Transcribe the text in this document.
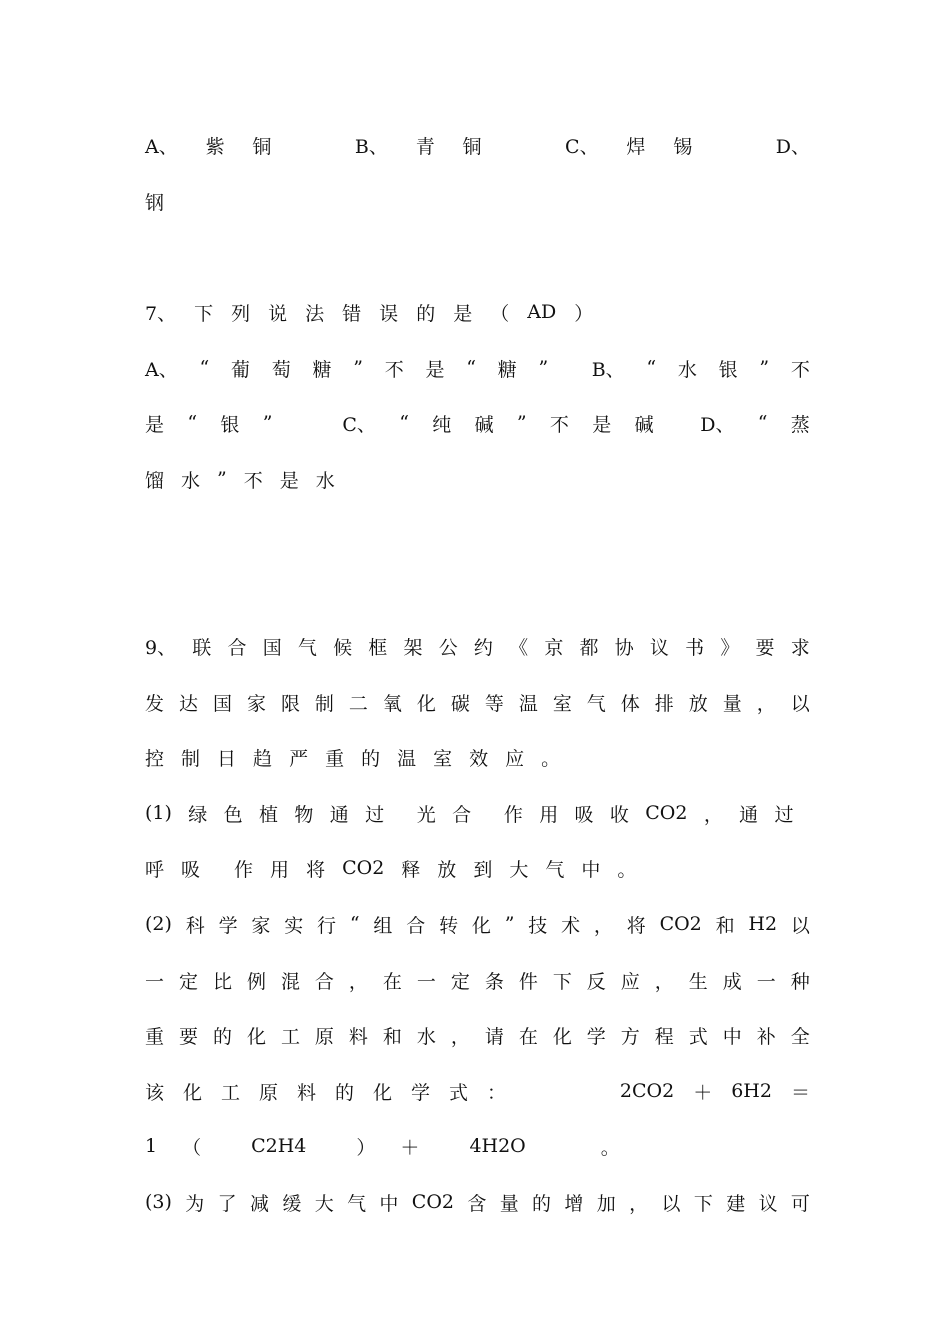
A、 紫 铜	B、 青 铜	C、 焊 锡	D、
钢
7、 下 列 说 法 错 误 的 是 （ AD ）
A、 “ 葡 萄 糖 ” 不 是 “ 糖 ” B、 “ 水 银 ” 不
是 “ 银 ”	C、 “ 纯 碱 ” 不 是 碱 D、 “ 蒸
馏 水 ” 不 是 水
9、 联 合 国 气 候 框 架 公 约 《 京 都 协 议 书 》 要 求
发 达 国 家 限 制 二 氧 化 碳 等 温 室 气 体 排 放 量 ， 以
控 制 日 趋 严 重 的 温 室 效 应 。
(1) 绿 色 植 物 通 过 光 合 作 用 吸 收 CO2 ， 通 过
呼 吸 作 用 将 CO2 释 放 到 大 气 中 。
(2) 科 学 家 实 行 “ 组 合 转 化 ” 技 术 ， 将 CO2 和 H2 以
一 定 比 例 混 合 ， 在 一 定 条 件 下 反 应 ， 生 成 一 种
重 要 的 化 工 原 料 和 水 ， 请 在 化 学 方 程 式 中 补 全
该 化 工 原 料 的 化 学 式 ：	2CO2 ＋ 6H2 ＝
1 （	C2H4	） ＋	4H2O	。
(3) 为 了 减 缓 大 气 中 CO2 含 量 的 增 加 ， 以 下 建 议 可
